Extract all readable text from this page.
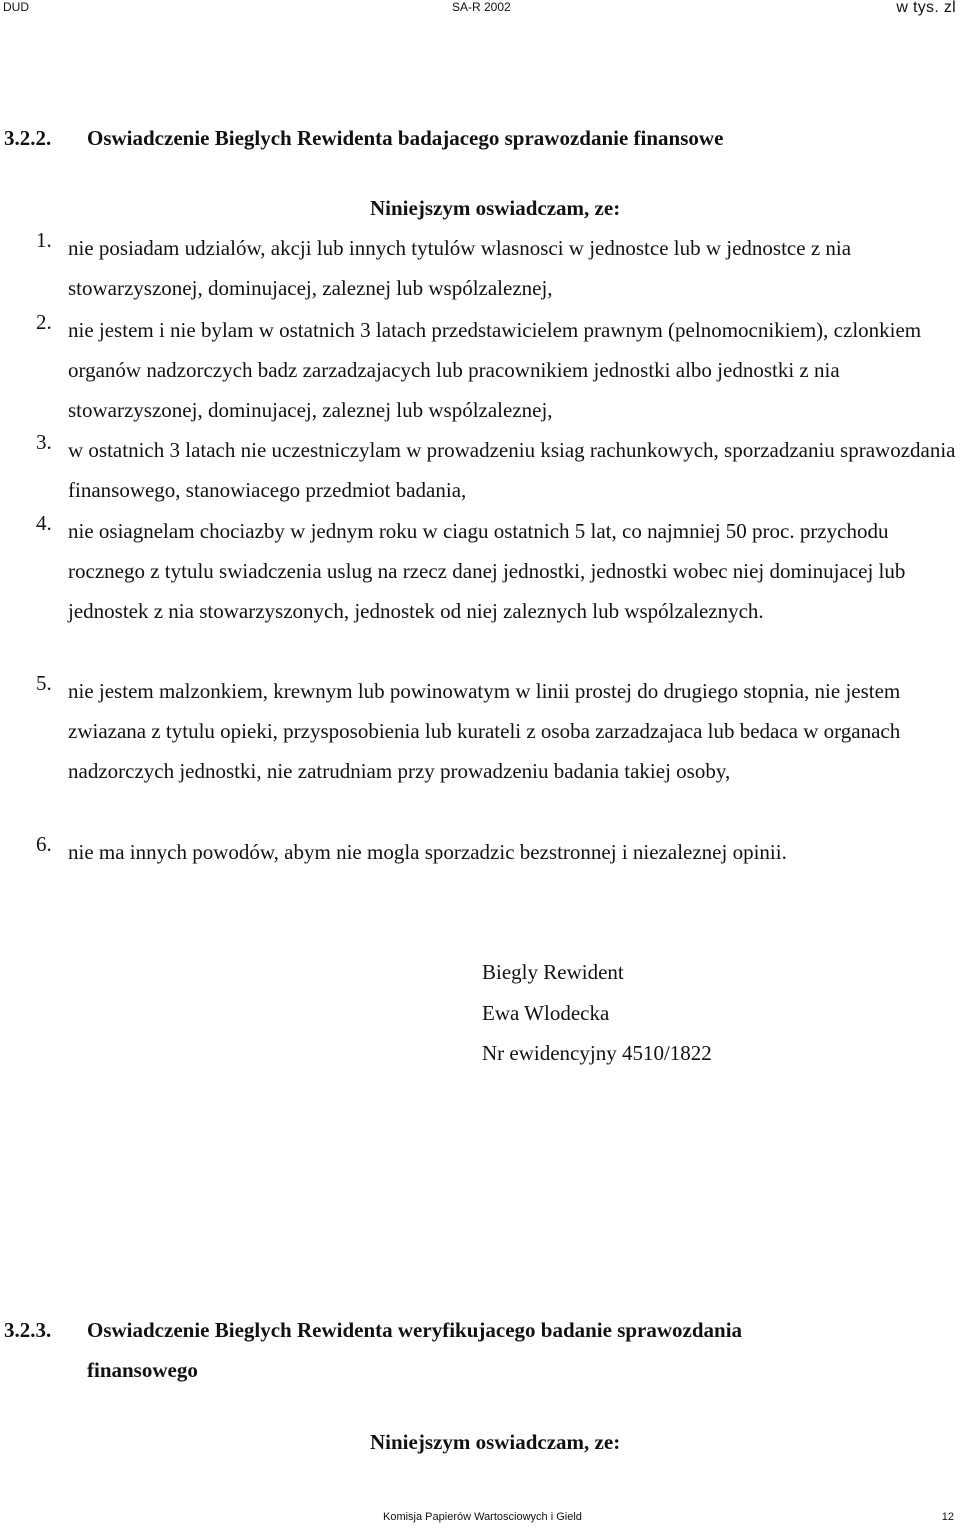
DUD	SA-R 2002	w tys. zl
3.2.2. Oswiadczenie Bieglych Rewidenta badajacego sprawozdanie finansowe
Niniejszym oswiadczam, ze:
1. nie posiadam udzialów, akcji lub innych tytulów wlasnosci w jednostce lub w jednostce z nia stowarzyszonej, dominujacej, zaleznej lub wspólzaleznej,
2. nie jestem i nie bylam w ostatnich 3 latach przedstawicielem prawnym (pelnomocnikiem), czlonkiem organów nadzorczych badz zarzadzajacych lub pracownikiem jednostki albo jednostki z nia stowarzyszonej, dominujacej, zaleznej lub wspólzaleznej,
3. w ostatnich 3 latach nie uczestniczylam w prowadzeniu ksiag rachunkowych, sporzadzaniu sprawozdania finansowego, stanowiacego przedmiot badania,
4. nie osiagnelam chociazby w jednym roku w ciagu ostatnich 5 lat, co najmniej 50 proc. przychodu rocznego z tytulu swiadczenia uslug na rzecz danej jednostki, jednostki wobec niej dominujacej lub jednostek z nia stowarzyszonych, jednostek od niej zaleznych lub wspólzaleznych.
5. nie jestem malzonkiem, krewnym lub powinowatym w linii prostej do drugiego stopnia, nie jestem zwiazana z tytulu opieki, przysposobienia lub kurateli z osoba zarzadzajaca lub bedaca w organach nadzorczych jednostki, nie zatrudniam przy prowadzeniu badania takiej osoby,
6. nie ma innych powodów, abym nie mogla sporzadzic bezstronnej i niezaleznej opinii.
Biegly Rewident
Ewa Wlodecka
Nr ewidencyjny 4510/1822
3.2.3. Oswiadczenie Bieglych Rewidenta weryfikujacego badanie sprawozdania
finansowego
Niniejszym oswiadczam, ze:
Komisja Papierów Wartosciowych i Gield	12
